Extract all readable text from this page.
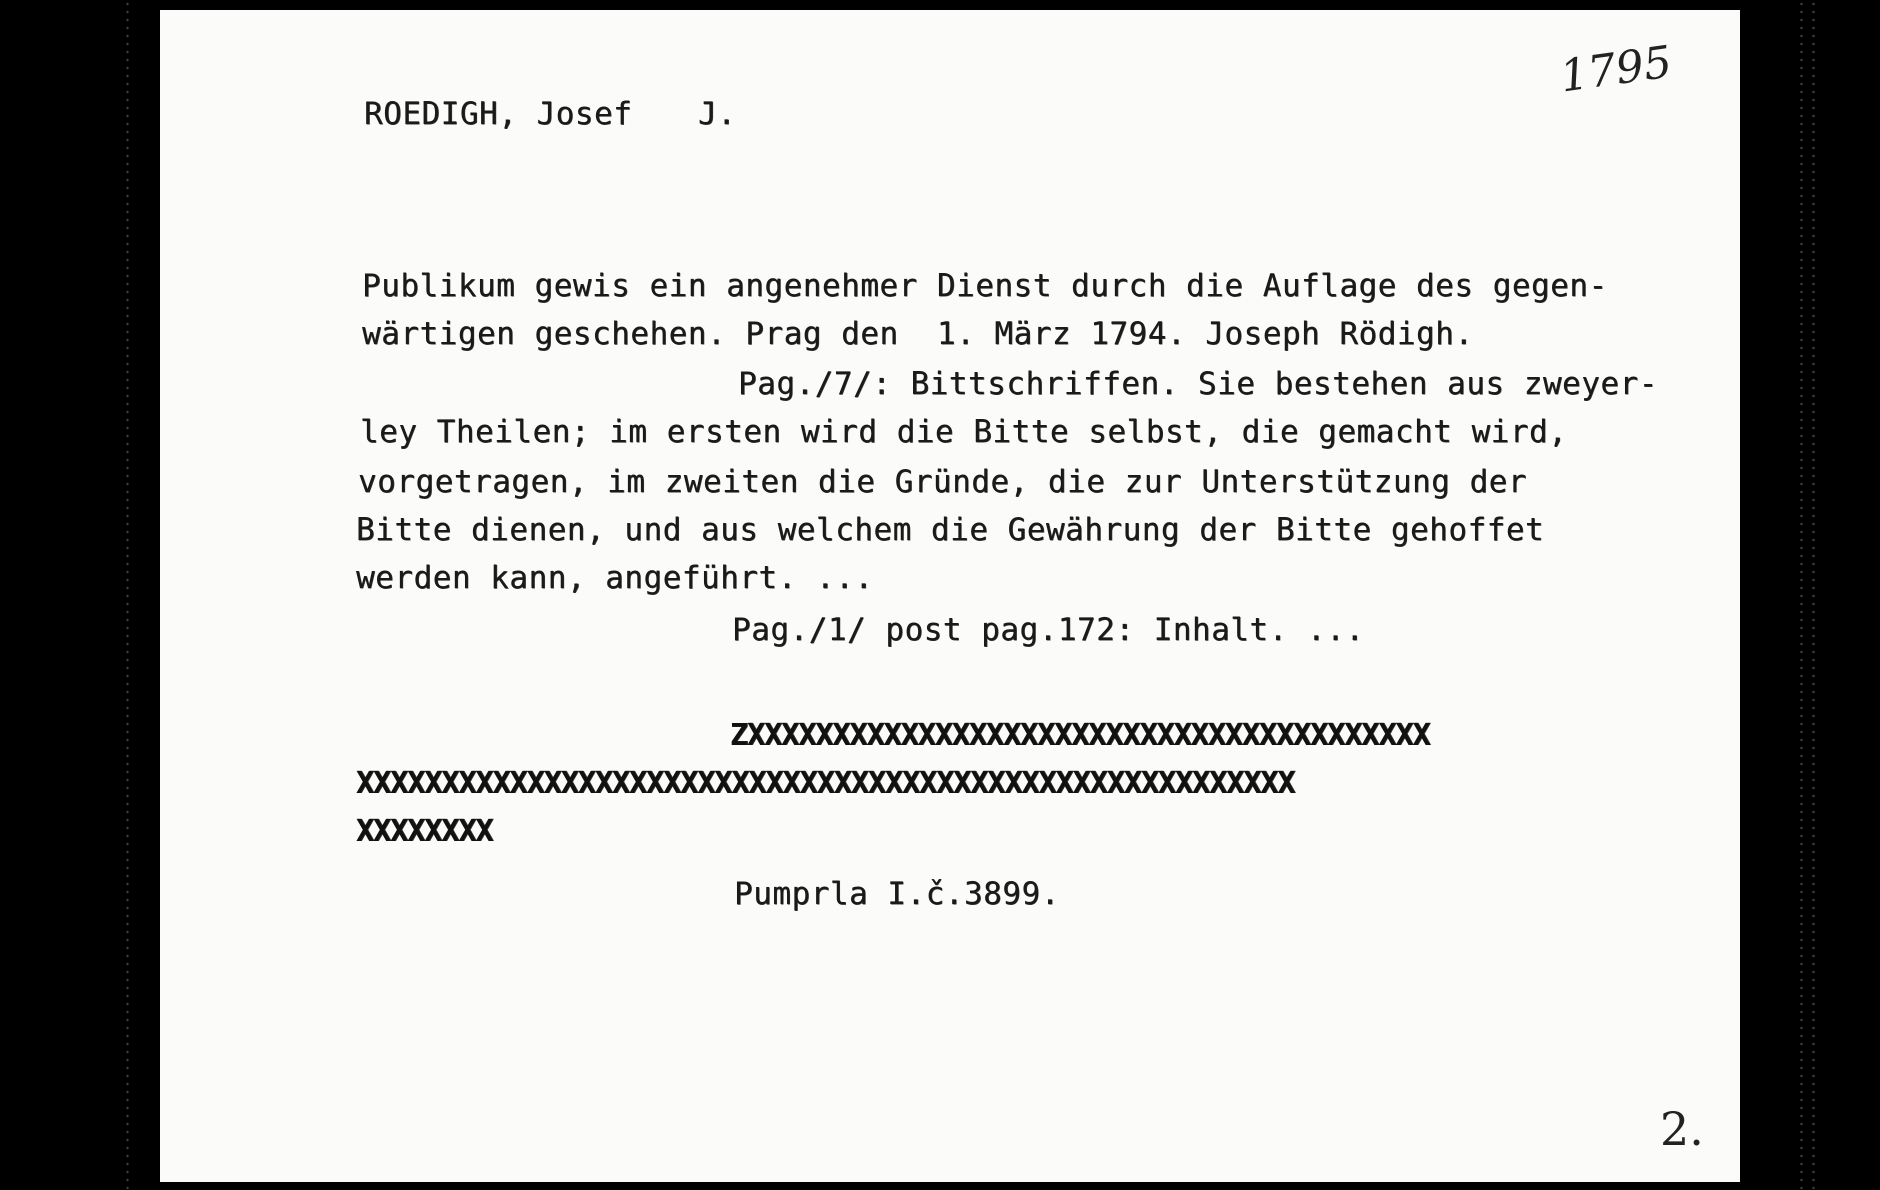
1795
ROEDIGH, Josef J.
Publikum gewis ein angenehmer Dienst durch die Auflage des gegen-
wärtigen geschehen. Prag den  1. März 1794. Joseph Rödigh.
Pag./7/: Bittschriffen. Sie bestehen aus zweyer-
ley Theilen; im ersten wird die Bitte selbst, die gemacht wird,
vorgetragen, im zweiten die Gründe, die zur Unterstützung der
Bitte dienen, und aus welchem die Gewährung der Bitte gehoffet
werden kann, angeführt. ...
Pag./1/ post pag.172: Inhalt. ...
ZXXXXXXXXXXXXXXXXXXXXXXXXXXXXXXXXXXXXXXXX
XXXXXXXXXXXXXXXXXXXXXXXXXXXXXXXXXXXXXXXXXXXXXXXXXXXXXXX
XXXXXXXX
Pumprla I.č.3899.
2.
